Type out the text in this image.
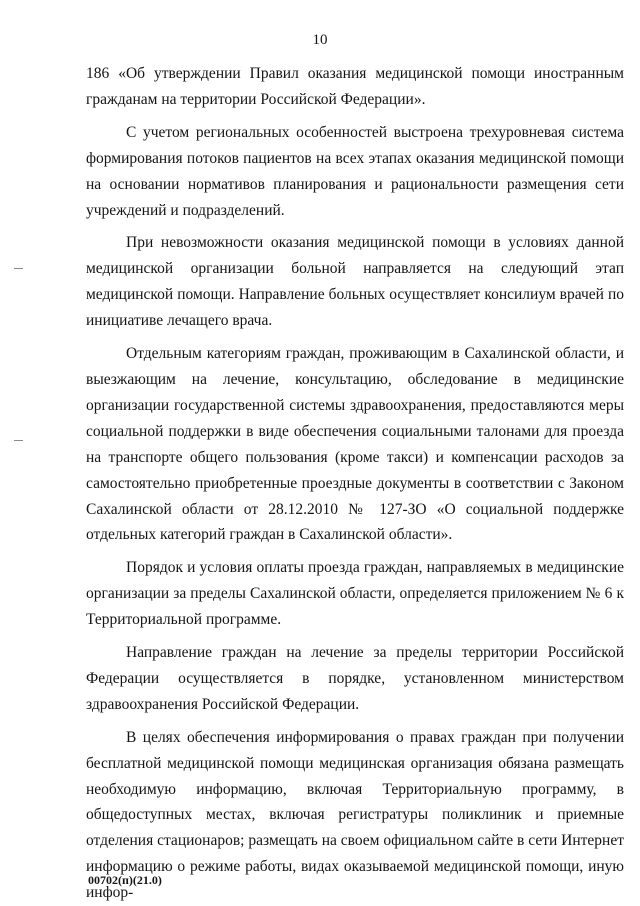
10

186 «Об утверждении Правил оказания медицинской помощи иностранным гражданам на территории Российской Федерации».

С учетом региональных особенностей выстроена трехуровневая система формирования потоков пациентов на всех этапах оказания медицинской помощи на основании нормативов планирования и рациональности размещения сети учреждений и подразделений.

При невозможности оказания медицинской помощи в условиях данной медицинской организации больной направляется на следующий этап медицинской помощи. Направление больных осуществляет консилиум врачей по инициативе лечащего врача.

Отдельным категориям граждан, проживающим в Сахалинской области, и выезжающим на лечение, консультацию, обследование в медицинские организации государственной системы здравоохранения, предоставляются меры социальной поддержки в виде обеспечения социальными талонами для проезда на транспорте общего пользования (кроме такси) и компенсации расходов за самостоятельно приобретенные проездные документы в соответствии с Законом Сахалинской области от 28.12.2010 № 127-ЗО «О социальной поддержке отдельных категорий граждан в Сахалинской области».

Порядок и условия оплаты проезда граждан, направляемых в медицинские организации за пределы Сахалинской области, определяется приложением № 6 к Территориальной программе.

Направление граждан на лечение за пределы территории Российской Федерации осуществляется в порядке, установленном министерством здравоохранения Российской Федерации.

В целях обеспечения информирования о правах граждан при получении бесплатной медицинской помощи медицинская организация обязана размещать необходимую информацию, включая Территориальную программу, в общедоступных местах, включая регистратуры поликлиник и приемные отделения стационаров; размещать на своем официальном сайте в сети Интернет информацию о режиме работы, видах оказываемой медицинской помощи, иную инфор-

00702(п)(21.0)
